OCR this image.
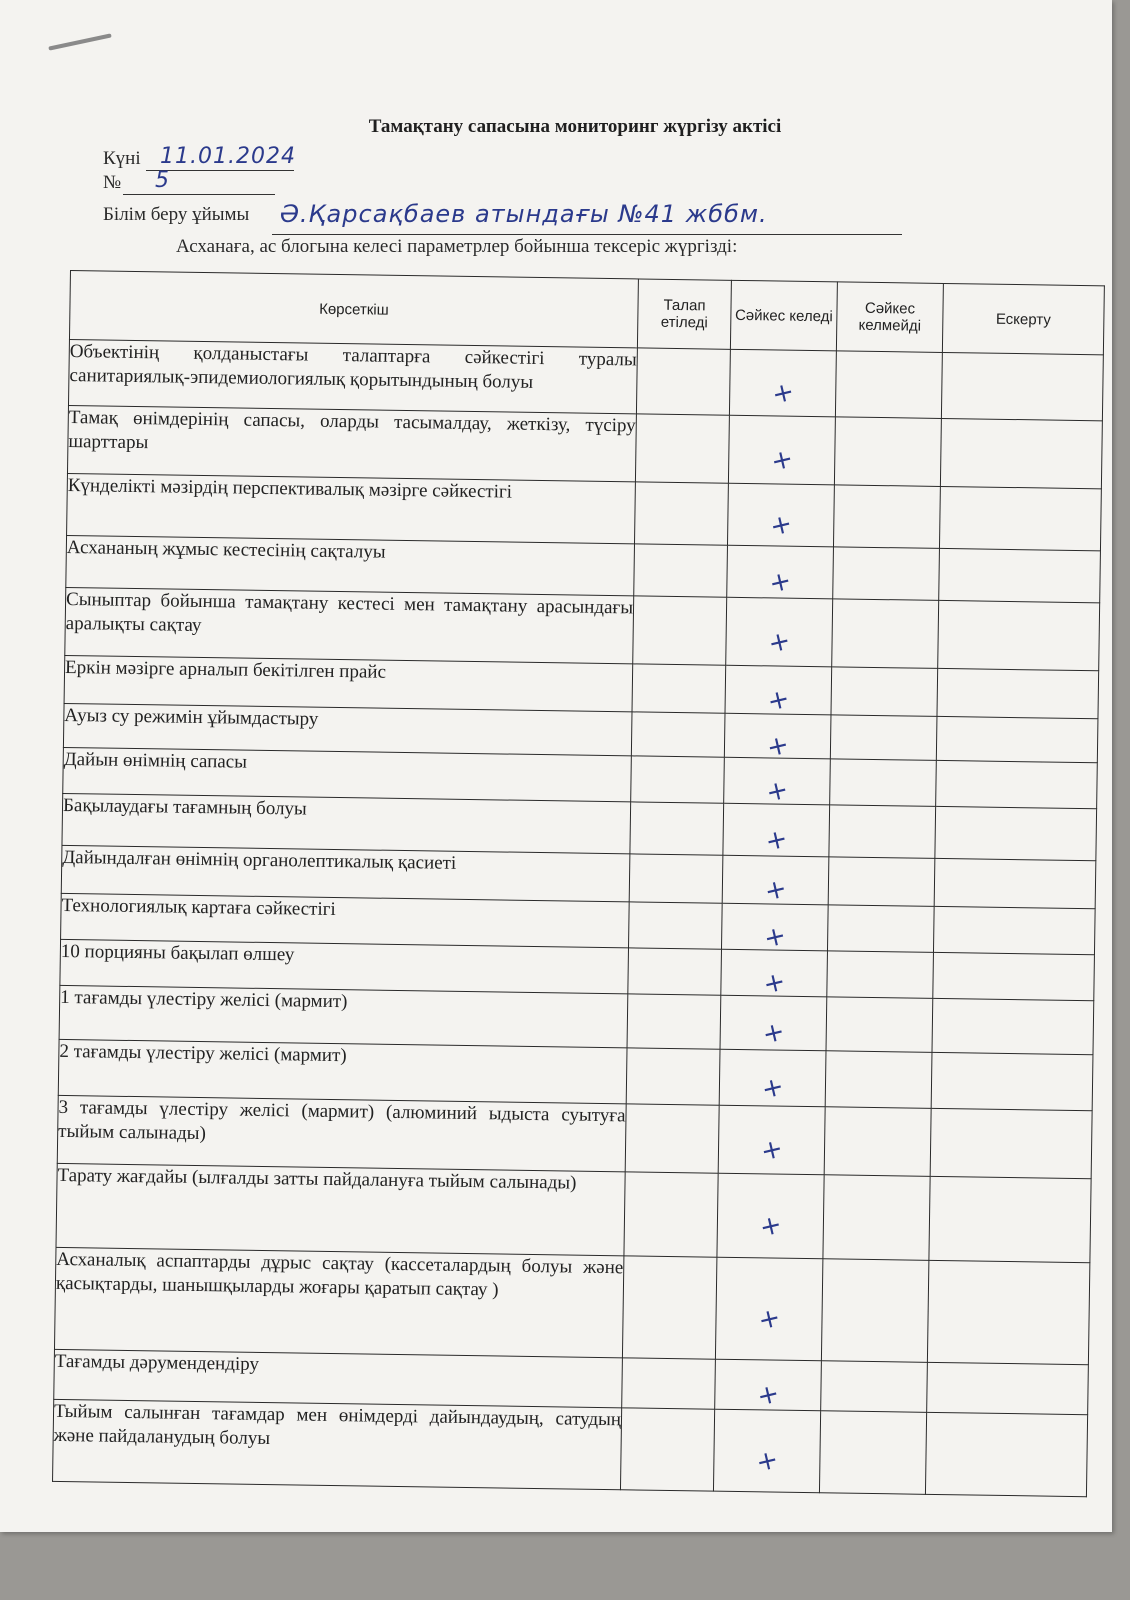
Тамақтану сапасына мониторинг жүргізу актісі
Күні 11.01.2024
№ 5
Білім беру ұйымы Ә.Қарсақбаев атындағы №41 жббм.
Асханаға, ас блогына келесі параметрлер бойынша тексеріс жүргізді:
Көрсеткіш	Талап етіледі	Сәйкес келеді	Сәйкес келмейді	Ескерту
Объектінің қолданыстағы талаптарға сәйкестігі туралы санитариялық-эпидемиологиялық қорытындының болуы		+		
Тамақ өнімдерінің сапасы, оларды тасымалдау, жеткізу, түсіру шарттары		+		
Күнделікті мәзірдің перспективалық мәзірге сәйкестігі		+		
Асхананың жұмыс кестесінің сақталуы		+		
Сыныптар бойынша тамақтану кестесі мен тамақтану арасындағы аралықты сақтау		+		
Еркін мәзірге арналып бекітілген прайс		+		
Ауыз су режимін ұйымдастыру		+		
Дайын өнімнің сапасы		+		
Бақылаудағы тағамның болуы		+		
Дайындалған өнімнің органолептикалық қасиеті		+		
Технологиялық картаға сәйкестігі		+		
10 порцияны бақылап өлшеу		+		
1 тағамды үлестіру желісі (мармит)		+		
2 тағамды үлестіру желісі (мармит)		+		
3 тағамды үлестіру желісі (мармит) (алюминий ыдыста суытуға тыйым салынады)		+		
Тарату жағдайы (ылғалды затты пайдалануға тыйым салынады)		+		
Асханалық аспаптарды дұрыс сақтау (кассеталардың болуы және қасықтарды, шанышқыларды жоғары қаратып сақтау )		+		
Тағамды дәрумендендіру		+		
Тыйым салынған тағамдар мен өнімдерді дайындаудың, сатудың және пайдаланудың болуы		+		
